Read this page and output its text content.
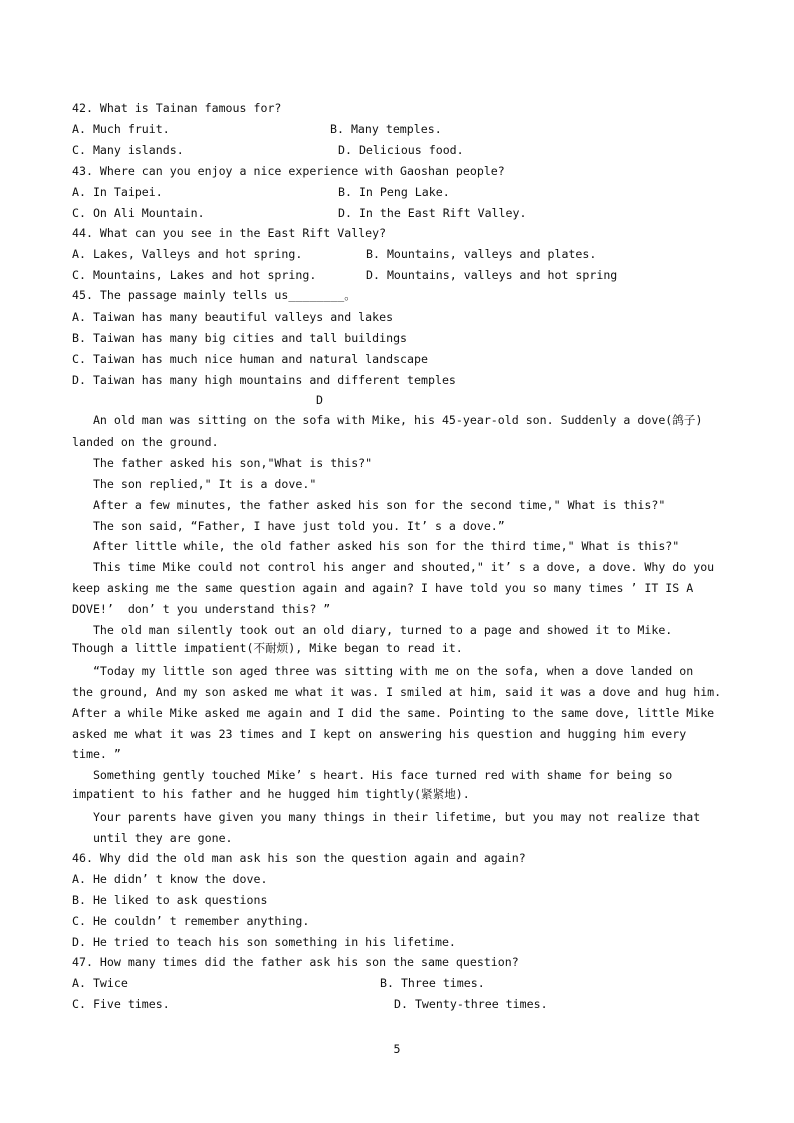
42. What is Tainan famous for?
A. Much fruit.	B. Many temples.
C. Many islands.	D. Delicious food.
43. Where can you enjoy a nice experience with Gaoshan people?
A. In Taipei.	B. In Peng Lake.
C. On Ali Mountain.	D. In the East Rift Valley.
44. What can you see in the East Rift Valley?
A. Lakes, Valleys and hot spring.	B. Mountains, valleys and plates.
C. Mountains, Lakes and hot spring.	D. Mountains, valleys and hot spring
45. The passage mainly tells us________。
A. Taiwan has many beautiful valleys and lakes
B. Taiwan has many big cities and tall buildings
C. Taiwan has much nice human and natural landscape
D. Taiwan has many high mountains and different temples
D
An old man was sitting on the sofa with Mike, his 45-year-old son. Suddenly a dove(鸽子)
landed on the ground.
The father asked his son,"What is this?"
The son replied," It is a dove."
After a few minutes, the father asked his son for the second time," What is this?"
The son said, “Father, I have just told you. It’ s a dove.”
After little while, the old father asked his son for the third time," What is this?"
This time Mike could not control his anger and shouted," it’ s a dove, a dove. Why do you
keep asking me the same question again and again? I have told you so many times ’ IT IS A
DOVE!’  don’ t you understand this? ”
The old man silently took out an old diary, turned to a page and showed it to Mike.
Though a little impatient(不耐烦), Mike began to read it.
“Today my little son aged three was sitting with me on the sofa, when a dove landed on
the ground, And my son asked me what it was. I smiled at him, said it was a dove and hug him.
After a while Mike asked me again and I did the same. Pointing to the same dove, little Mike
asked me what it was 23 times and I kept on answering his question and hugging him every
time. ”
Something gently touched Mike’ s heart. His face turned red with shame for being so
impatient to his father and he hugged him tightly(紧紧地).
Your parents have given you many things in their lifetime, but you may not realize that
until they are gone.
46. Why did the old man ask his son the question again and again?
A. He didn’ t know the dove.
B. He liked to ask questions
C. He couldn’ t remember anything.
D. He tried to teach his son something in his lifetime.
47. How many times did the father ask his son the same question?
A. Twice	B. Three times.
C. Five times.	D. Twenty-three times.
5
